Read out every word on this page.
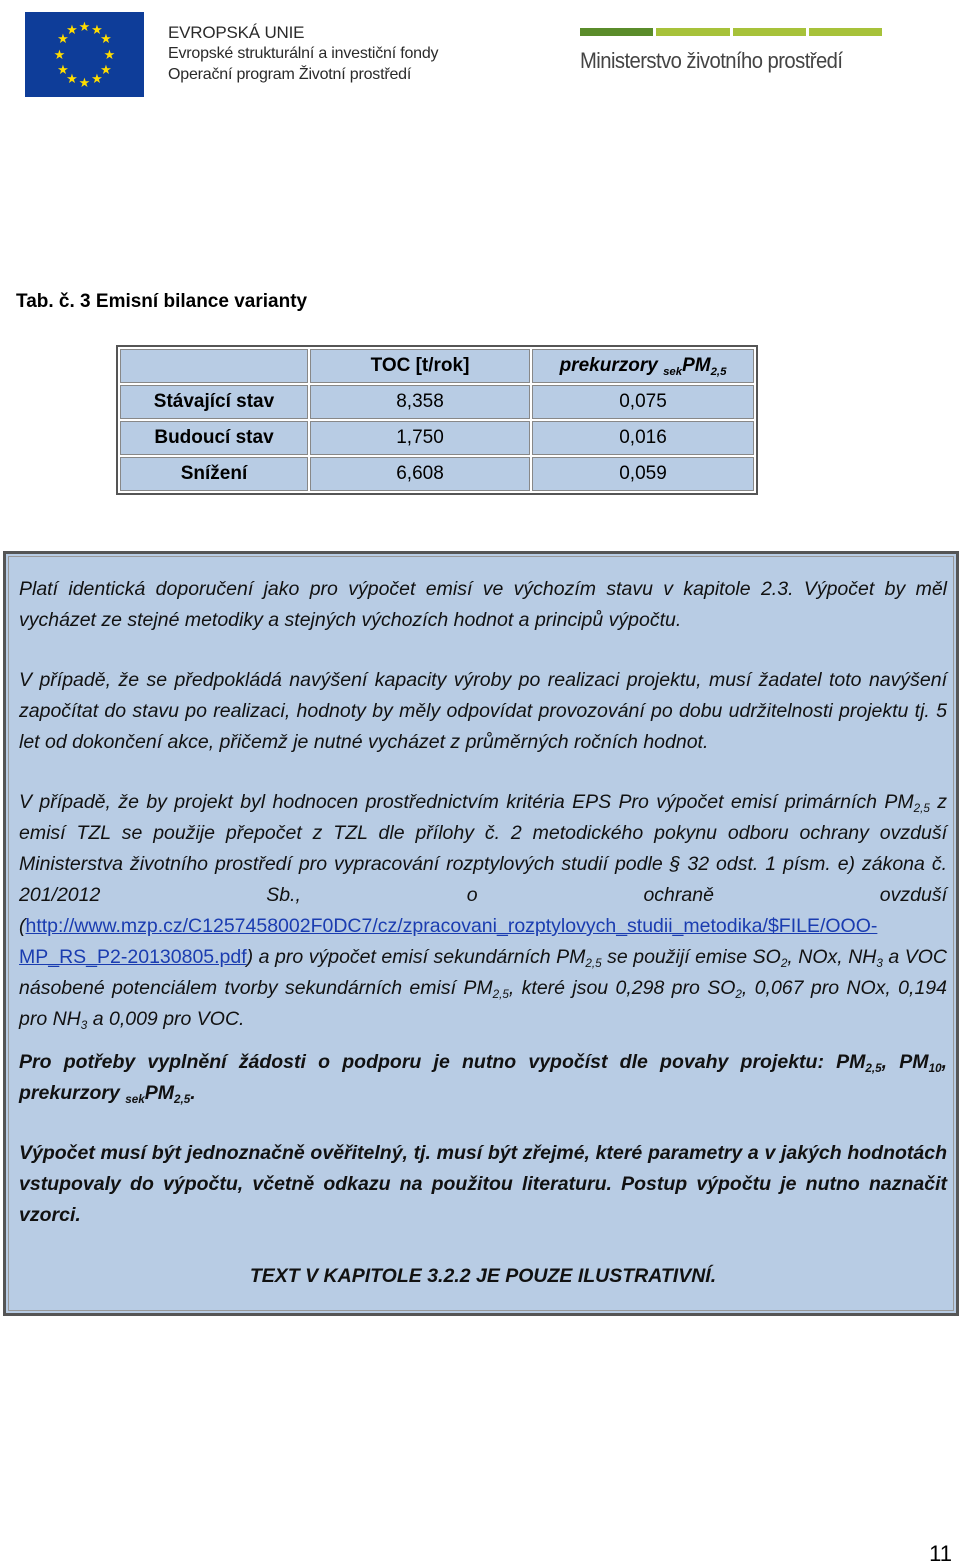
★ ★
★
★
★
★
★
★
★
★
★
★	EVROPSKÁ UNIE
Evropské strukturální a investiční fondy
Operační program Životní prostředí
Ministerstvo životního prostředí
Tab. č. 3 Emisní bilance varianty
	TOC [t/rok]	prekurzory $_{sek}PM_{2,5}$
Stávající stav	8,358	0,075
Budoucí stav	1,750	0,016
Snížení	6,608	0,059

Platí identická doporučení jako pro výpočet emisí ve výchozím stavu v kapitole 2.3. Výpočet by měl vycházet ze stejné metodiky a stejných výchozích hodnot a principů výpočtu.

V případě, že se předpokládá navýšení kapacity výroby po realizaci projektu, musí žadatel toto navýšení započítat do stavu po realizaci, hodnoty by měly odpovídat provozování po dobu udržitelnosti projektu tj. 5 let od dokončení akce, přičemž je nutné vycházet z průměrných ročních hodnot.

V případě, že by projekt byl hodnocen prostřednictvím kritéria EPS Pro výpočet emisí primárních $PM_{2,5}$ z emisí TZL se použije přepočet z TZL dle přílohy č. 2 metodického pokynu odboru ochrany ovzduší Ministerstva životního prostředí pro vypracování rozptylových studií podle § 32 odst. 1 písm. e) zákona č. 201/2012 Sb., o ochraně ovzduší (http://www.mzp.cz/C1257458002F0DC7/cz/zpracovani_rozptylovych_studii_metodika/$FILE/OOO-MP_RS_P2-20130805.pdf) a pro výpočet emisí sekundárních $PM_{2,5}$ se použijí emise $SO_2$, NOx, $NH_3$ a VOC násobené potenciálem tvorby sekundárních emisí $PM_{2,5}$, které jsou 0,298 pro $SO_2$, 0,067 pro NOx, 0,194 pro $NH_3$ a 0,009 pro VOC.

Pro potřeby vyplnění žádosti o podporu je nutno vypočíst dle povahy projektu: $PM_{2,5}$, $PM_{10}$, prekurzory $_{sek}PM_{2,5}$.

Výpočet musí být jednoznačně ověřitelný, tj. musí být zřejmé, které parametry a v jakých hodnotách vstupovaly do výpočtu, včetně odkazu na použitou literaturu. Postup výpočtu je nutno naznačit vzorci.

TEXT V KAPITOLE 3.2.2 JE POUZE ILUSTRATIVNÍ.

11
